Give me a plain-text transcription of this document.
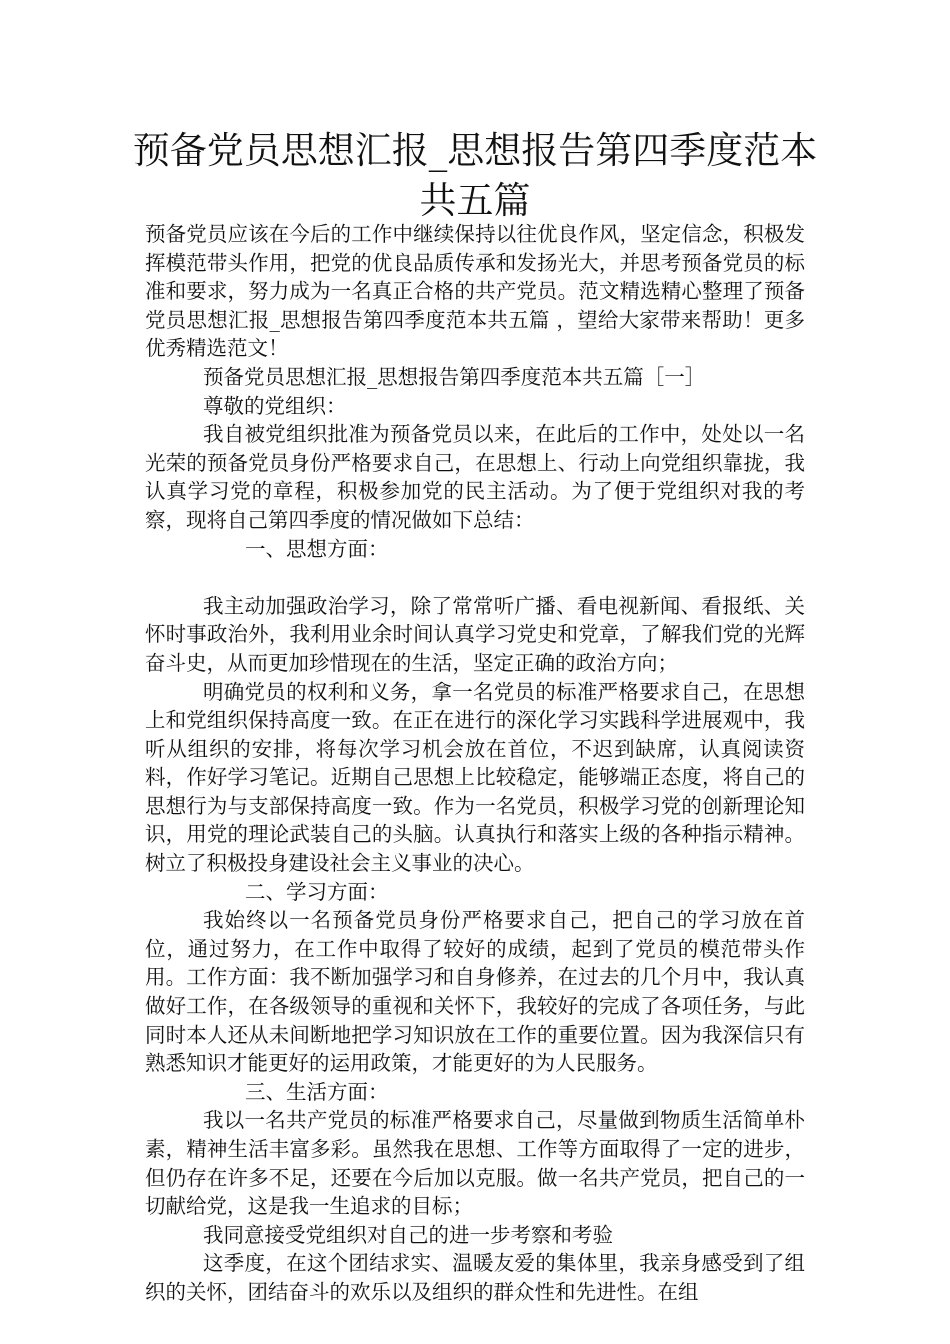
预备党员思想汇报_思想报告第四季度范本
共五篇

预备党员应该在今后的工作中继续保持以往优良作风，坚定信念，积极发挥模范带头作用，把党的优良品质传承和发扬光大，并思考预备党员的标准和要求，努力成为一名真正合格的共产党员。范文精选精心整理了预备党员思想汇报_思想报告第四季度范本共五篇 ，望给大家带来帮助！更多优秀精选范文！

预备党员思想汇报_思想报告第四季度范本共五篇［一］

尊敬的党组织：

我自被党组织批准为预备党员以来，在此后的工作中，处处以一名光荣的预备党员身份严格要求自己，在思想上、行动上向党组织靠拢，我认真学习党的章程，积极参加党的民主活动。为了便于党组织对我的考察，现将自己第四季度的情况做如下总结：

一、思想方面：

我主动加强政治学习，除了常常听广播、看电视新闻、看报纸、关怀时事政治外，我利用业余时间认真学习党史和党章，了解我们党的光辉奋斗史，从而更加珍惜现在的生活，坚定正确的政治方向；

明确党员的权利和义务，拿一名党员的标准严格要求自己，在思想上和党组织保持高度一致。在正在进行的深化学习实践科学进展观中，我听从组织的安排，将每次学习机会放在首位，不迟到缺席，认真阅读资料，作好学习笔记。近期自己思想上比较稳定，能够端正态度，将自己的思想行为与支部保持高度一致。作为一名党员，积极学习党的创新理论知识，用党的理论武装自己的头脑。认真执行和落实上级的各种指示精神。树立了积极投身建设社会主义事业的决心。

二、学习方面：

我始终以一名预备党员身份严格要求自己，把自己的学习放在首位，通过努力，在工作中取得了较好的成绩，起到了党员的模范带头作用。工作方面：我不断加强学习和自身修养，在过去的几个月中，我认真做好工作，在各级领导的重视和关怀下，我较好的完成了各项任务，与此同时本人还从未间断地把学习知识放在工作的重要位置。因为我深信只有熟悉知识才能更好的运用政策，才能更好的为人民服务。

三、生活方面：

我以一名共产党员的标准严格要求自己，尽量做到物质生活简单朴素，精神生活丰富多彩。虽然我在思想、工作等方面取得了一定的进步，但仍存在许多不足，还要在今后加以克服。做一名共产党员，把自己的一切献给党，这是我一生追求的目标；

我同意接受党组织对自己的进一步考察和考验

这季度，在这个团结求实、温暖友爱的集体里，我亲身感受到了组织的关怀，团结奋斗的欢乐以及组织的群众性和先进性。在组
